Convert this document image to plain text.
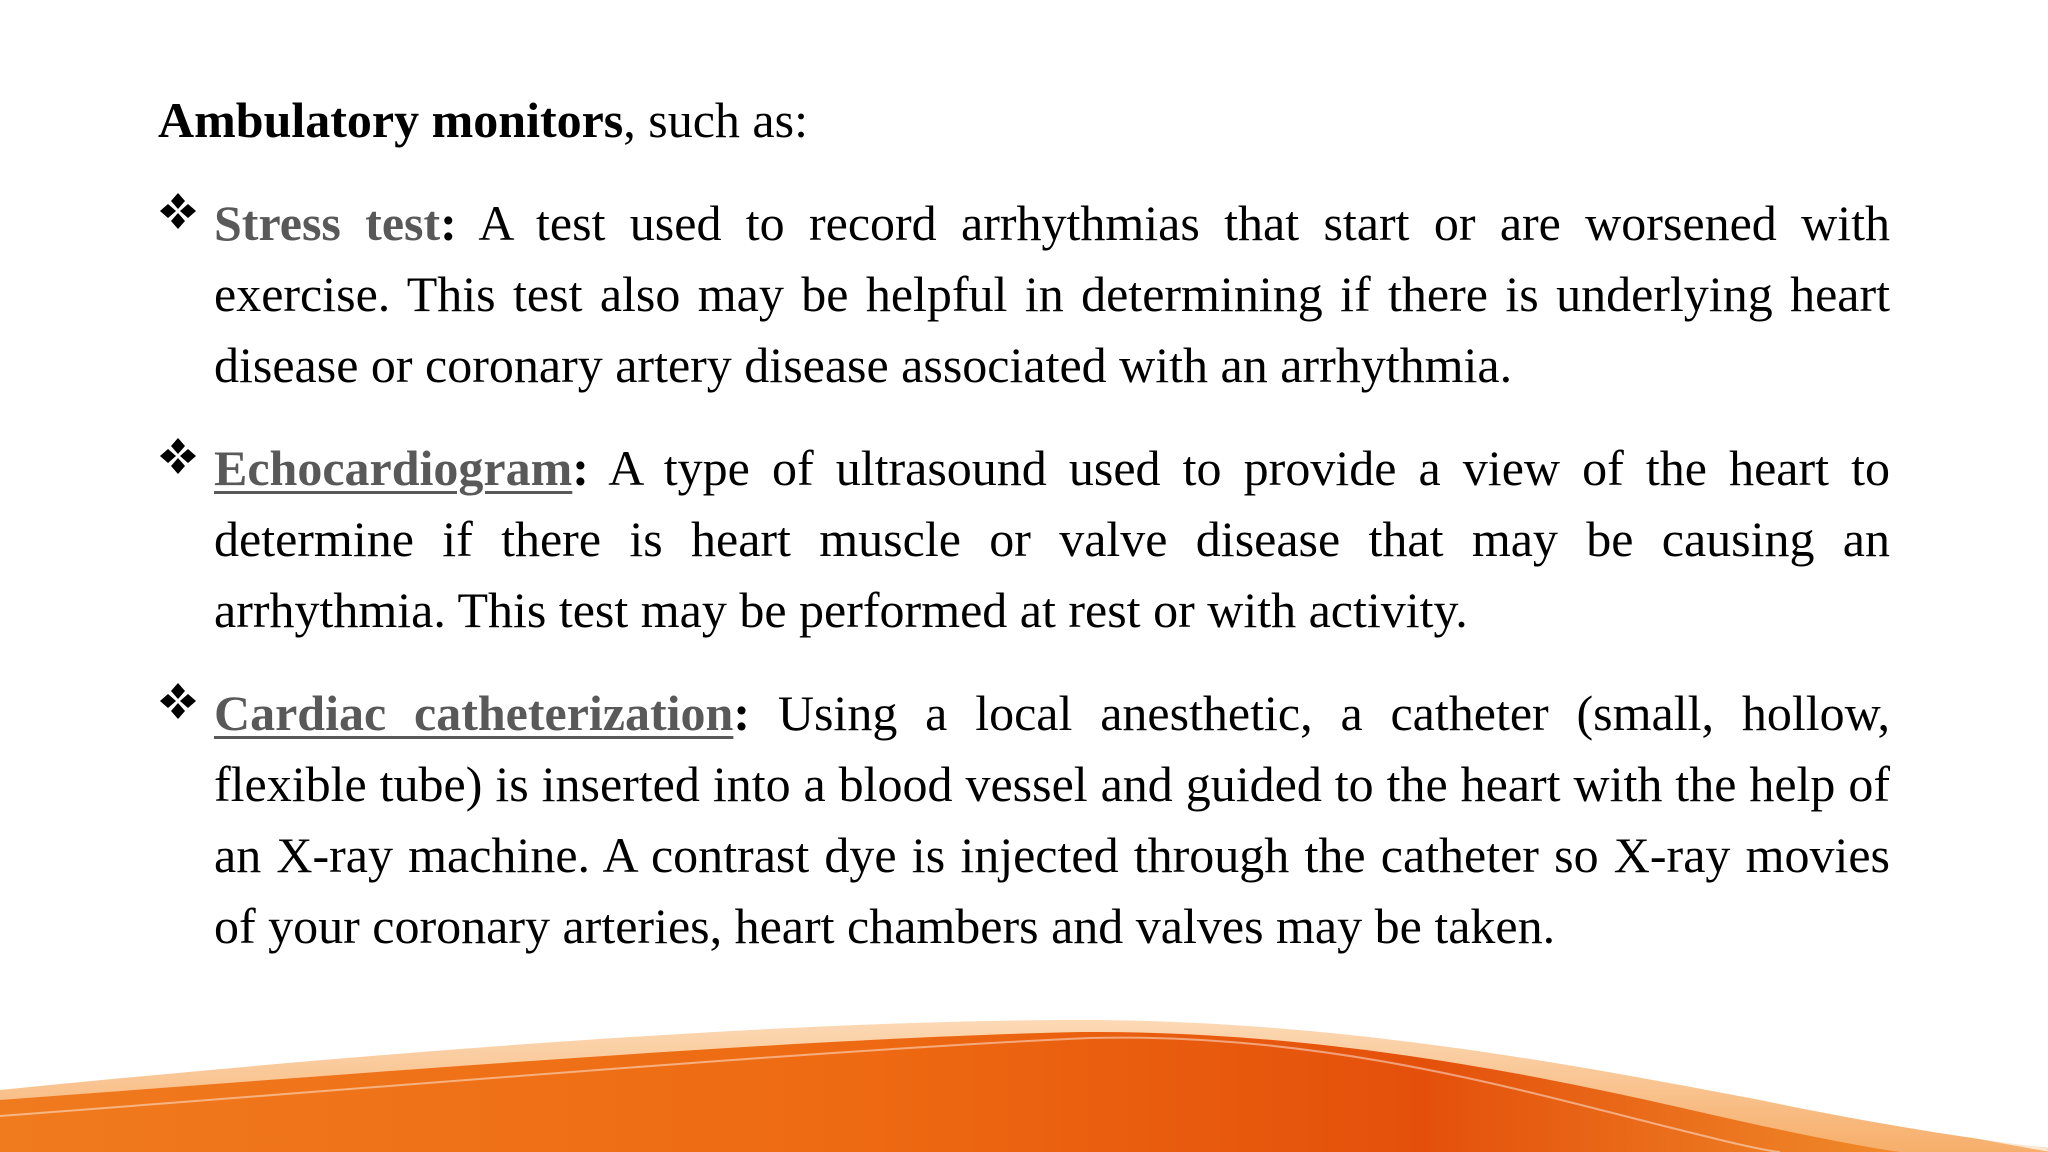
Ambulatory monitors, such as:
Stress test: A test used to record arrhythmias that start or are worsened with exercise. This test also may be helpful in determining if there is underlying heart disease or coronary artery disease associated with an arrhythmia.
Echocardiogram: A type of ultrasound used to provide a view of the heart to determine if there is heart muscle or valve disease that may be causing an arrhythmia. This test may be performed at rest or with activity.
Cardiac catheterization: Using a local anesthetic, a catheter (small, hollow, flexible tube) is inserted into a blood vessel and guided to the heart with the help of an X-ray machine. A contrast dye is injected through the catheter so X-ray movies of your coronary arteries, heart chambers and valves may be taken.
